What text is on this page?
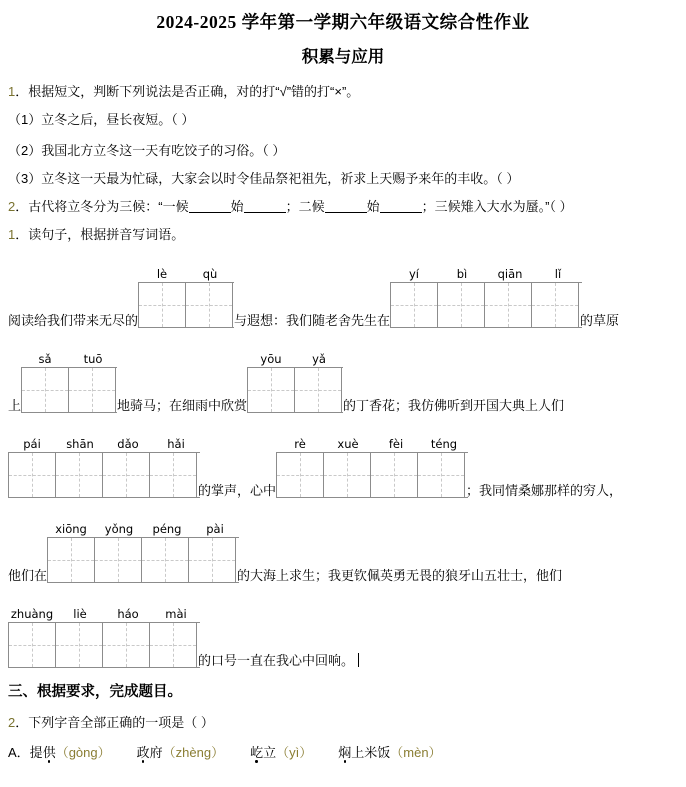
2024-2025 学年第一学期六年级语文综合性作业
积累与应用
1．根据短文，判断下列说法是否正确，对的打“√”错的打“×”。
（1）立冬之后，昼长夜短。（ ）
（2）我国北方立冬这一天有吃饺子的习俗。（ ）
（3）立冬这一天最为忙碌，大家会以时令佳品祭祀祖先，祈求上天赐予来年的丰收。（ ）
2．古代将立冬分为三候：“一候	始	；二候	始	；三候雉入大水为蜃。”（ ）
1．读句子，根据拼音写词语。
阅读给我们带来无尽的
lè	qù
与遐想：我们随老舍先生在
yí	bì	qiān	lǐ
的草原
上
sǎ	tuō
地骑马；在细雨中欣赏
yōu	yǎ
的丁香花；我仿佛听到开国大典上人们
pái	shān	dǎo	hǎi
的掌声，心中
rè	xuè	fèi	téng
；我同情桑娜那样的穷人，
他们在
xiōng	yǒng	péng	pài
的大海上求生；我更钦佩英勇无畏的狼牙山五壮士，他们
zhuàng	liè	háo	mài
的口号一直在我心中回响。
三、根据要求，完成题目。
2．下列字音全部正确的一项是（ ）
A．提供（gòng） 政府（zhèng） 屹立（yì） 焖上米饭（mèn）
